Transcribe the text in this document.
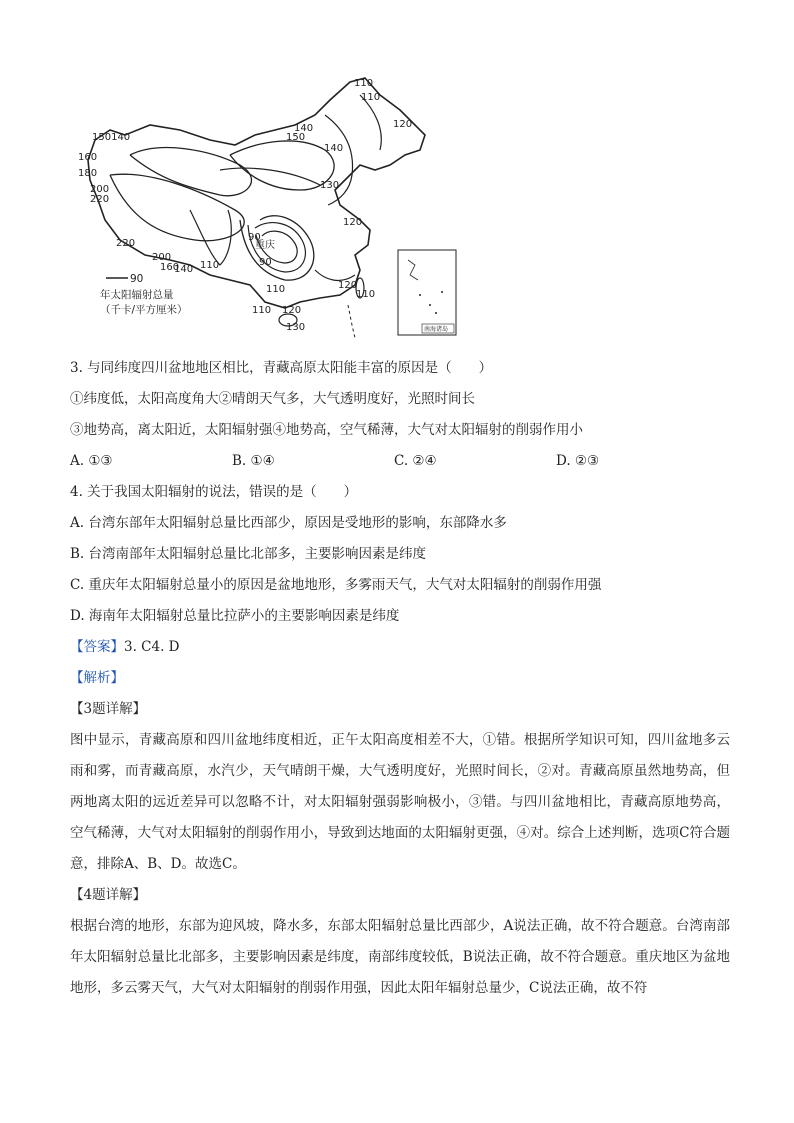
110
110
120
150
140
140
130
150140
160
180
200
220
120
220
90
重庆
90
200
160
140 110
110	120
110
110 120
130
90
年太阳辐射总量
（千卡/平方厘米）
南海诸岛
3. 与同纬度四川盆地地区相比，青藏高原太阳能丰富的原因是（　　）
①纬度低，太阳高度角大②晴朗天气多，大气透明度好，光照时间长
③地势高，离太阳近，太阳辐射强④地势高，空气稀薄，大气对太阳辐射的削弱作用小
A. ①③	B. ①④	C. ②④	D. ②③
4. 关于我国太阳辐射的说法，错误的是（　　）
A. 台湾东部年太阳辐射总量比西部少，原因是受地形的影响，东部降水多
B. 台湾南部年太阳辐射总量比北部多，主要影响因素是纬度
C. 重庆年太阳辐射总量小的原因是盆地地形，多雾雨天气，大气对太阳辐射的削弱作用强
D. 海南年太阳辐射总量比拉萨小的主要影响因素是纬度
【答案】3. C4. D
【解析】
【3题详解】
图中显示，青藏高原和四川盆地纬度相近，正午太阳高度相差不大，①错。根据所学知识可知，四川盆地多云雨和雾，而青藏高原，水汽少，天气晴朗干燥，大气透明度好，光照时间长，②对。青藏高原虽然地势高，但两地离太阳的远近差异可以忽略不计，对太阳辐射强弱影响极小，③错。与四川盆地相比，青藏高原地势高，空气稀薄，大气对太阳辐射的削弱作用小，导致到达地面的太阳辐射更强，④对。综合上述判断，选项C符合题意，排除A、B、D。故选C。
【4题详解】
根据台湾的地形，东部为迎风坡，降水多，东部太阳辐射总量比西部少，A说法正确，故不符合题意。台湾南部年太阳辐射总量比北部多，主要影响因素是纬度，南部纬度较低，B说法正确，故不符合题意。重庆地区为盆地地形，多云雾天气，大气对太阳辐射的削弱作用强，因此太阳年辐射总量少，C说法正确，故不符
